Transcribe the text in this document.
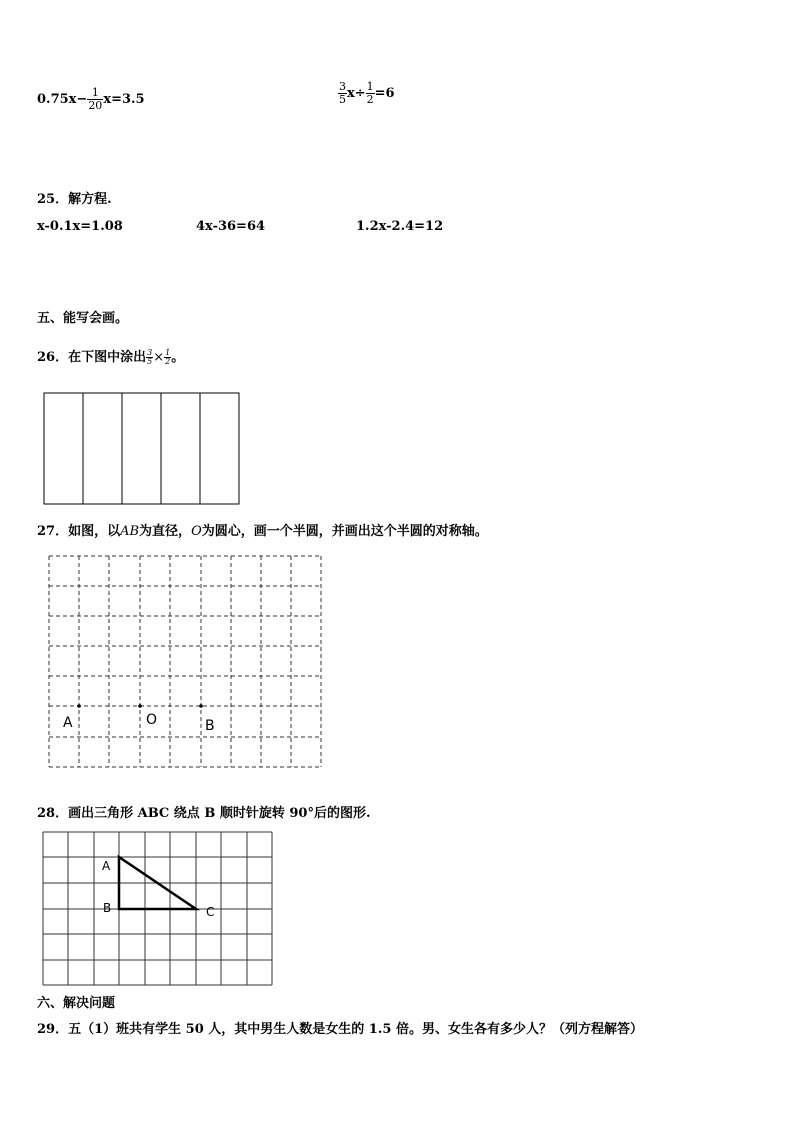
$0.75x- \frac{1}{20} x=3.5$	$\frac{3}{5} x\div \frac{1}{2} =6$
25．解方程.
x-0.1x=1.08	4x-36=64	1.2x-2.4=12
五、能写会画。
26．在下图中涂出 $\frac{3}{5} \times \frac{1}{2}$ 。
27．如图，以AB为直径，O为圆心，画一个半圆，并画出这个半圆的对称轴。
A	O	B
28．画出三角形 ABC 绕点 B 顺时针旋转 90°后的图形.
A
B	C
六、解决问题
29．五（1）班共有学生 50 人，其中男生人数是女生的 1.5 倍。男、女生各有多少人？（列方程解答）
